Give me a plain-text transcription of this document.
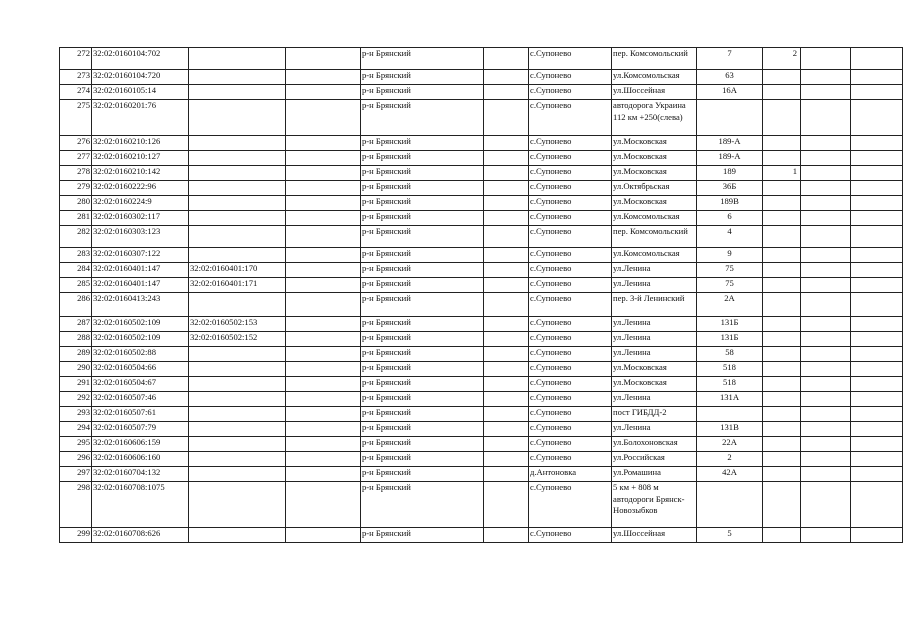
272	32:02:0160104:702			р-н Брянский		с.Супонево	пер. Комсомольский	7	2		
273	32:02:0160104:720			р-н Брянский		с.Супонево	ул.Комсомольская	63			
274	32:02:0160105:14			р-н Брянский		с.Супонево	ул.Шоссейная	16А			
275	32:02:0160201:76			р-н Брянский		с.Супонево	автодорога Украина 112 км +250(слева)				
276	32:02:0160210:126			р-н Брянский		с.Супонево	ул.Московская	189-А			
277	32:02:0160210:127			р-н Брянский		с.Супонево	ул.Московская	189-А			
278	32:02:0160210:142			р-н Брянский		с.Супонево	ул.Московская	189	1		
279	32:02:0160222:96			р-н Брянский		с.Супонево	ул.Октябрьская	36Б			
280	32:02:0160224:9			р-н Брянский		с.Супонево	ул.Московская	189В			
281	32:02:0160302:117			р-н Брянский		с.Супонево	ул.Комсомольская	6			
282	32:02:0160303:123			р-н Брянский		с.Супонево	пер. Комсомольский	4			
283	32:02:0160307:122			р-н Брянский		с.Супонево	ул.Комсомольская	9			
284	32:02:0160401:147	32:02:0160401:170		р-н Брянский		с.Супонево	ул.Ленина	75			
285	32:02:0160401:147	32:02:0160401:171		р-н Брянский		с.Супонево	ул.Ленина	75			
286	32:02:0160413:243			р-н Брянский		с.Супонево	пер. 3-й Ленинский	2А			
287	32:02:0160502:109	32:02:0160502:153		р-н Брянский		с.Супонево	ул.Ленина	131Б			
288	32:02:0160502:109	32:02:0160502:152		р-н Брянский		с.Супонево	ул.Ленина	131Б			
289	32:02:0160502:88			р-н Брянский		с.Супонево	ул.Ленина	58			
290	32:02:0160504:66			р-н Брянский		с.Супонево	ул.Московская	518			
291	32:02:0160504:67			р-н Брянский		с.Супонево	ул.Московская	518			
292	32:02:0160507:46			р-н Брянский		с.Супонево	ул.Ленина	131А			
293	32:02:0160507:61			р-н Брянский		с.Супонево	пост ГИБДД-2				
294	32:02:0160507:79			р-н Брянский		с.Супонево	ул.Ленина	131В			
295	32:02:0160606:159			р-н Брянский		с.Супонево	ул.Болохоновская	22А			
296	32:02:0160606:160			р-н Брянский		с.Супонево	ул.Российская	2			
297	32:02:0160704:132			р-н Брянский		д.Антоновка	ул.Ромашина	42А			
298	32:02:0160708:1075			р-н Брянский		с.Супонево	5 км + 808 м автодороги Брянск-Новозыбков				
299	32:02:0160708:626			р-н Брянский		с.Супонево	ул.Шоссейная	5			
